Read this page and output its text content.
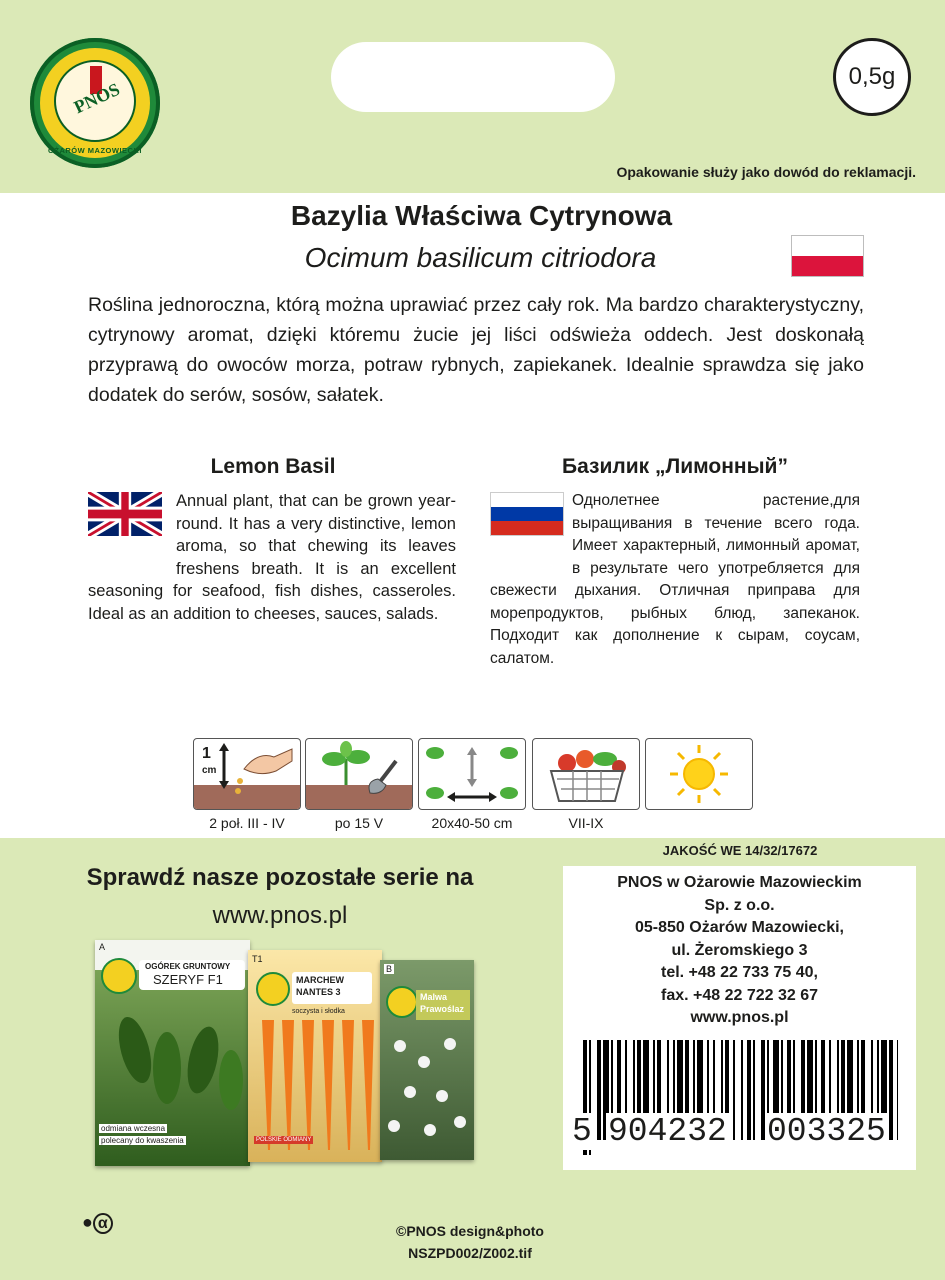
PNOS
OŻARÓW MAZOWIECKI
0,5g
Opakowanie służy jako dowód do reklamacji.
Bazylia Właściwa Cytrynowa
Ocimum basilicum citriodora
Roślina jednoroczna, którą można uprawiać przez cały rok. Ma bardzo charakterystyczny, cytrynowy aromat, dzięki któremu żucie jej liści odświeża oddech. Jest doskonałą przyprawą do owoców morza, potraw rybnych, zapiekanek. Idealnie sprawdza się jako dodatek do serów, sosów, sałatek.
Lemon Basil	Базилик „Лимонный”
Annual plant, that can be grown year-round. It has a very distinctive, lemon aroma, so that chewing its leaves freshens breath. It is an excellent seasoning for seafood, fish dishes, casseroles. Ideal as an addition to cheeses, sauces, salads.
Однолетнее растение,для выращивания в течение всего года. Имеет характерный, лимонный аромат, в результате чего употребляется для свежести дыхания. Отличная приправа для морепродуктов, рыбных блюд, запеканок. Подходит как дополнение к сырам, соусам, салатом.
1
cm
2 poł. III - IV	po 15 V	20x40-50 cm	VII-IX
Sprawdź nasze pozostałe serie na
www.pnos.pl
A
OGÓREK GRUNTOWY
SZERYF F1
odmiana wczesna
polecany do kwaszenia
T1
MARCHEW
NANTES 3
soczysta i słodka
POLSKIE ODMIANY
B
Malwa
Prawoślaz
JAKOŚĆ WE 14/32/17672
PNOS w Ożarowie Mazowieckim
Sp. z o.o.
05-850 Ożarów Mazowiecki,
ul. Żeromskiego 3
tel. +48 22 733 75 40,
fax. +48 22 722 32 67
www.pnos.pl
5 904232 003325
● α	©PNOS design&photo
NSZPD002/Z002.tif
